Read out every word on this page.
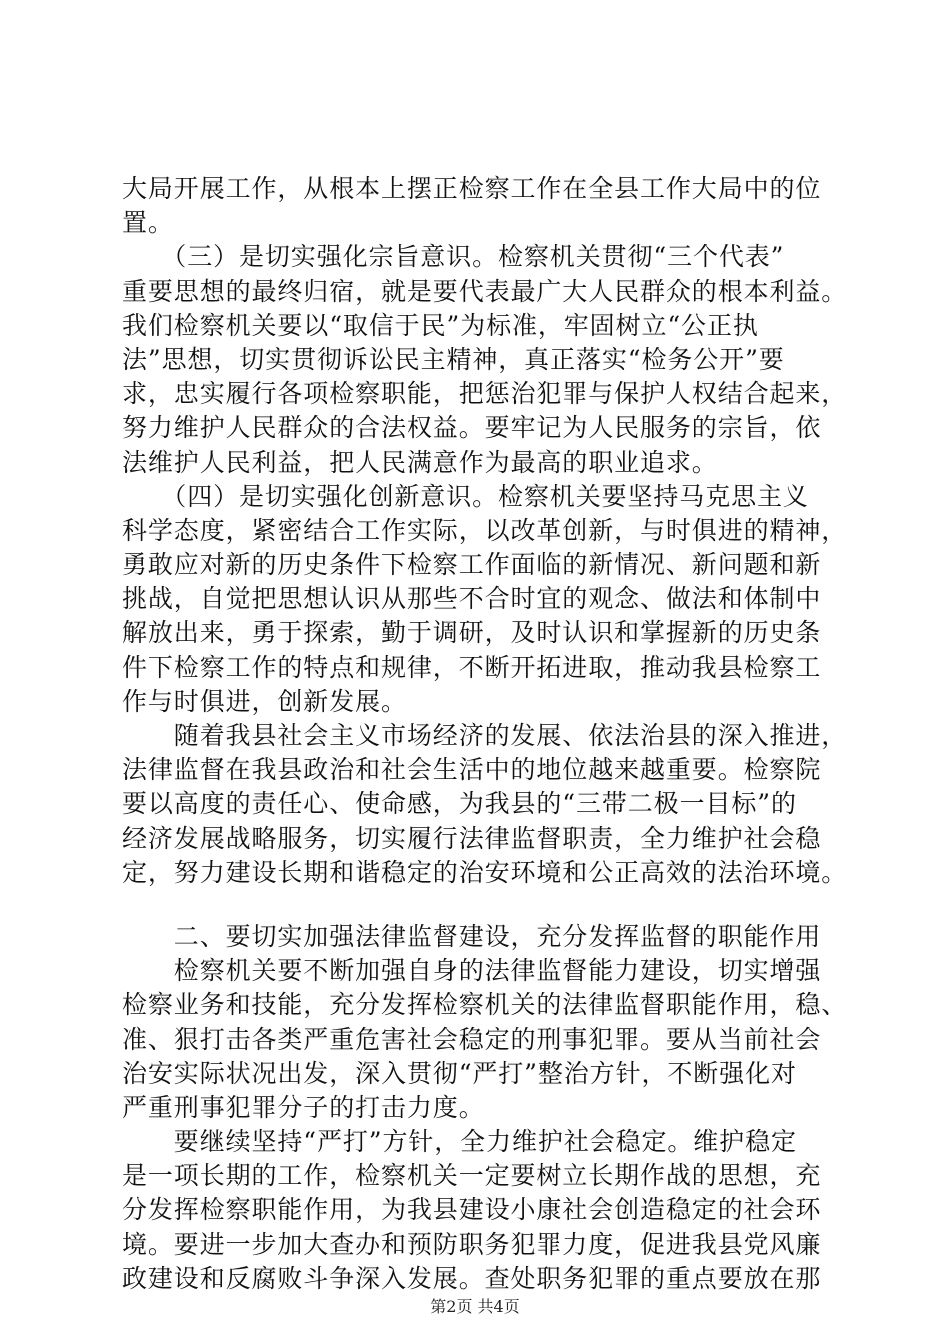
大局开展工作，从根本上摆正检察工作在全县工作大局中的位
置。
　　（三）是切实强化宗旨意识。检察机关贯彻“三个代表”
重要思想的最终归宿，就是要代表最广大人民群众的根本利益。
我们检察机关要以“取信于民”为标准，牢固树立“公正执
法”思想，切实贯彻诉讼民主精神，真正落实“检务公开”要
求，忠实履行各项检察职能，把惩治犯罪与保护人权结合起来，
努力维护人民群众的合法权益。要牢记为人民服务的宗旨，依
法维护人民利益，把人民满意作为最高的职业追求。
　　（四）是切实强化创新意识。检察机关要坚持马克思主义
科学态度，紧密结合工作实际，以改革创新，与时俱进的精神，
勇敢应对新的历史条件下检察工作面临的新情况、新问题和新
挑战，自觉把思想认识从那些不合时宜的观念、做法和体制中
解放出来，勇于探索，勤于调研，及时认识和掌握新的历史条
件下检察工作的特点和规律，不断开拓进取，推动我县检察工
作与时俱进，创新发展。
　　随着我县社会主义市场经济的发展、依法治县的深入推进，
法律监督在我县政治和社会生活中的地位越来越重要。检察院
要以高度的责任心、使命感，为我县的“三带二极一目标”的
经济发展战略服务，切实履行法律监督职责，全力维护社会稳
定，努力建设长期和谐稳定的治安环境和公正高效的法治环境。
　　二、要切实加强法律监督建设，充分发挥监督的职能作用
　　检察机关要不断加强自身的法律监督能力建设，切实增强
检察业务和技能，充分发挥检察机关的法律监督职能作用，稳、
准、狠打击各类严重危害社会稳定的刑事犯罪。要从当前社会
治安实际状况出发，深入贯彻“严打”整治方针，不断强化对
严重刑事犯罪分子的打击力度。
　　要继续坚持“严打”方针，全力维护社会稳定。维护稳定
是一项长期的工作，检察机关一定要树立长期作战的思想，充
分发挥检察职能作用，为我县建设小康社会创造稳定的社会环
境。要进一步加大查办和预防职务犯罪力度，促进我县党风廉
政建设和反腐败斗争深入发展。查处职务犯罪的重点要放在那
第2页 共4页
